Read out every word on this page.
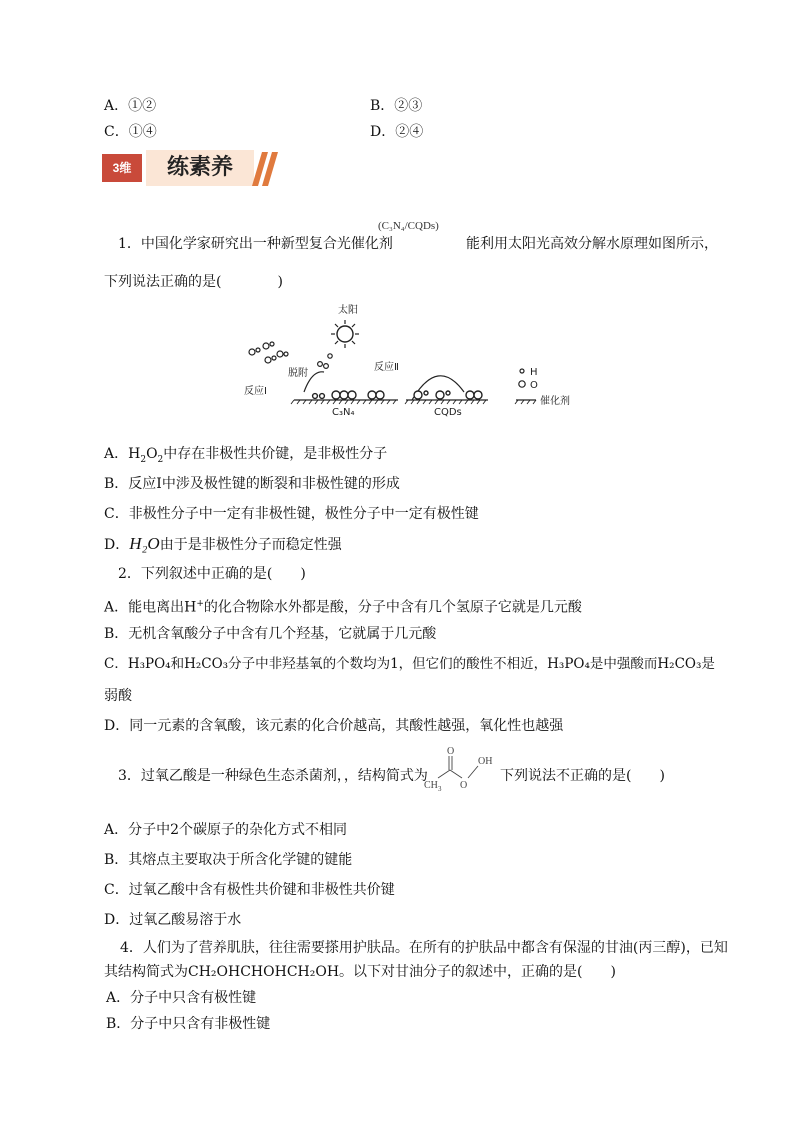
A．①②	B．②③
C．①④	D．②④
3维	练素养
1．中国化学家研究出一种新型复合光催化剂
(C₃N₄/CQDs)
能利用太阳光高效分解水原理如图所示，
下列说法正确的是(　　　　)
太阳
脱附
反应Ⅱ
反应Ⅰ
C₃N₄	CQDs
H
O
催化剂
A．$H_2O_2$中存在非极性共价键，是非极性分子
B．反应Ⅰ中涉及极性键的断裂和非极性键的形成
C．非极性分子中一定有非极性键，极性分子中一定有极性键
D．H₂O由于是非极性分子而稳定性强
2．下列叙述中正确的是(　　)
A．能电离出H+的化合物除水外都是酸，分子中含有几个氢原子它就是几元酸
B．无机含氧酸分子中含有几个羟基，它就属于几元酸
C．H₃PO₄和H₂CO₃分子中非羟基氧的个数均为1，但它们的酸性不相近，H₃PO₄是中强酸而H₂CO₃是
弱酸
D．同一元素的含氧酸，该元素的化合价越高，其酸性越强，氧化性也越强
3．过氧乙酸是一种绿色生态杀菌剂，，结构简式为
O
OH
CH 3 O
下列说法不正确的是(　　)
A．分子中2个碳原子的杂化方式不相同
B．其熔点主要取决于所含化学键的键能
C．过氧乙酸中含有极性共价键和非极性共价键
D．过氧乙酸易溶于水
4．人们为了营养肌肤，往往需要搽用护肤品。在所有的护肤品中都含有保湿的甘油(丙三醇)，已知
其结构简式为CH₂OHCHOHCH₂OH。以下对甘油分子的叙述中，正确的是(　　)
A．分子中只含有极性键
B．分子中只含有非极性键
